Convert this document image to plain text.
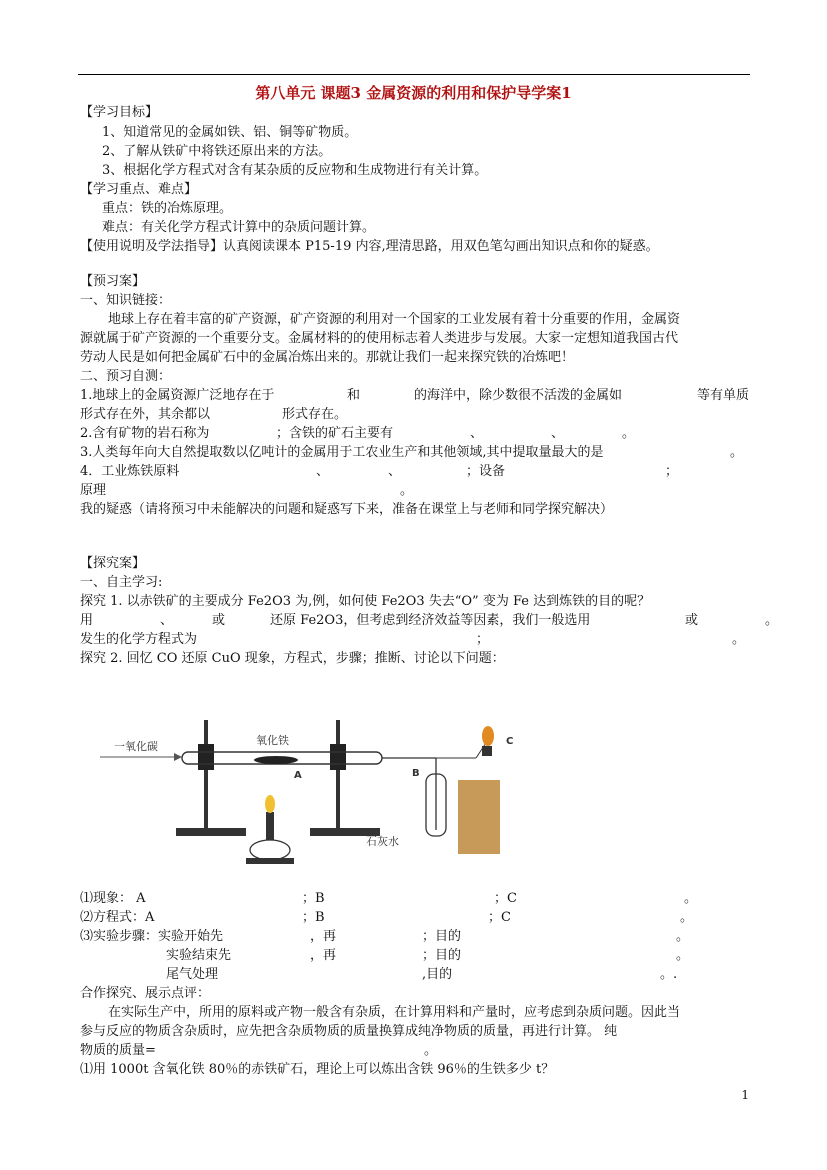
第八单元 课题3 金属资源的利用和保护导学案1
【学习目标】
1、知道常见的金属如铁、铝、铜等矿物质。
2、了解从铁矿中将铁还原出来的方法。
3、根据化学方程式对含有某杂质的反应物和生成物进行有关计算。
【学习重点、难点】
重点：铁的冶炼原理。
难点：有关化学方程式计算中的杂质问题计算。
【使用说明及学法指导】认真阅读课本 P15-19 内容,理清思路，用双色笔勾画出知识点和你的疑惑。
【预习案】
一、知识链接：
地球上存在着丰富的矿产资源，矿产资源的利用对一个国家的工业发展有着十分重要的作用，金属资
源就属于矿产资源的一个重要分支。金属材料的的使用标志着人类进步与发展。大家一定想知道我国古代
劳动人民是如何把金属矿石中的金属冶炼出来的。那就让我们一起来探究铁的冶炼吧！
二、预习自测：
1.地球上的金属资源广泛地存在于	和	的海洋中，除少数很不活泼的金属如	等有单质
形式存在外，其余都以	形式存在。
2.含有矿物的岩石称为	；含铁的矿石主要有	、	、	。
3.人类每年向大自然提取数以亿吨计的金属用于工农业生产和其他领域,其中提取量最大的是	。
4．工业炼铁原料	、	、	；设备	；
原理	。
我的疑惑（请将预习中未能解决的问题和疑惑写下来，准备在课堂上与老师和同学探究解决）
【探究案】
一、自主学习:
探究 1. 以赤铁矿的主要成分 Fe2O3 为,例，如何使 Fe2O3 失去“O” 变为 Fe 达到炼铁的目的呢？
用	、	或	还原 Fe2O3，但考虑到经济效益等因素，我们一般选用	或	。
发生的化学方程式为	；	。
探究 2. 回忆 CO 还原 CuO 现象，方程式，步骤；推断、讨论以下问题：
一氧化碳	氧化铁
A	B
石灰水
C
⑴现象： A	；B	；C	。
⑵方程式：A	；B	；C	。
⑶实验步骤：实验开始先	，再	；目的	。
实验结束先	，再	；目的	。
尾气处理	,目的	。.
合作探究、展示点评：
在实际生产中，所用的原料或产物一般含有杂质，在计算用料和产量时，应考虑到杂质问题。因此当
参与反应的物质含杂质时，应先把含杂质物质的质量换算成纯净物质的质量，再进行计算。 纯
物质的质量=	。
⑴用 1000t 含氧化铁 80％的赤铁矿石，理论上可以炼出含铁 96％的生铁多少 t？
1
